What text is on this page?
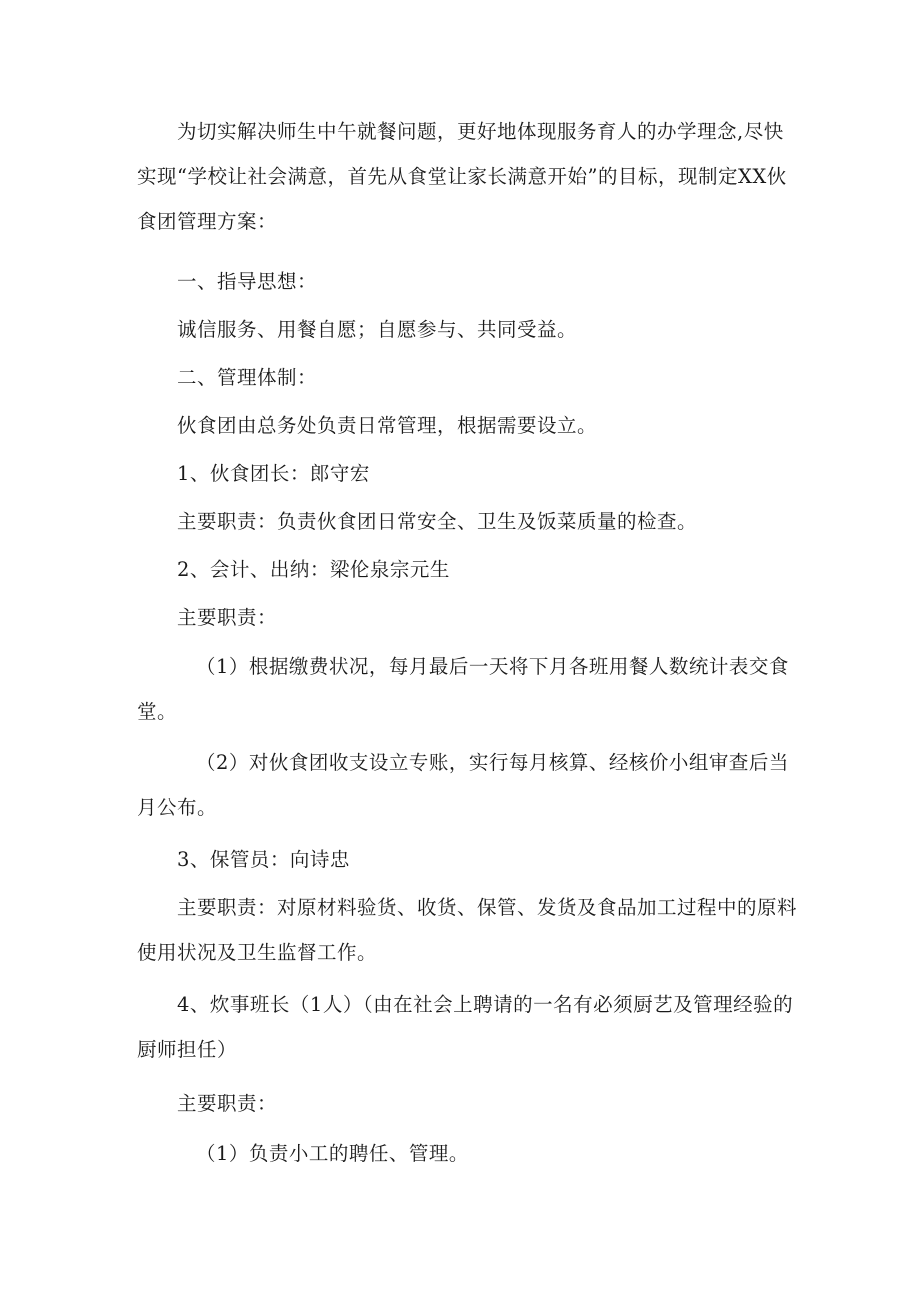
为切实解决师生中午就餐问题，更好地体现服务育人的办学理念,尽快实现“学校让社会满意，首先从食堂让家长满意开始”的目标，现制定XX伙食团管理方案：

一、指导思想：

诚信服务、用餐自愿；自愿参与、共同受益。

二、管理体制：

伙食团由总务处负责日常管理，根据需要设立。

1、伙食团长：郎守宏

主要职责：负责伙食团日常安全、卫生及饭菜质量的检查。

2、会计、出纳：梁伦泉宗元生

主要职责：

（1）根据缴费状况，每月最后一天将下月各班用餐人数统计表交食堂。

（2）对伙食团收支设立专账，实行每月核算、经核价小组审查后当月公布。

3、保管员：向诗忠

主要职责：对原材料验货、收货、保管、发货及食品加工过程中的原料使用状况及卫生监督工作。

4、炊事班长（1人）（由在社会上聘请的一名有必须厨艺及管理经验的厨师担任）

主要职责：

（1）负责小工的聘任、管理。
